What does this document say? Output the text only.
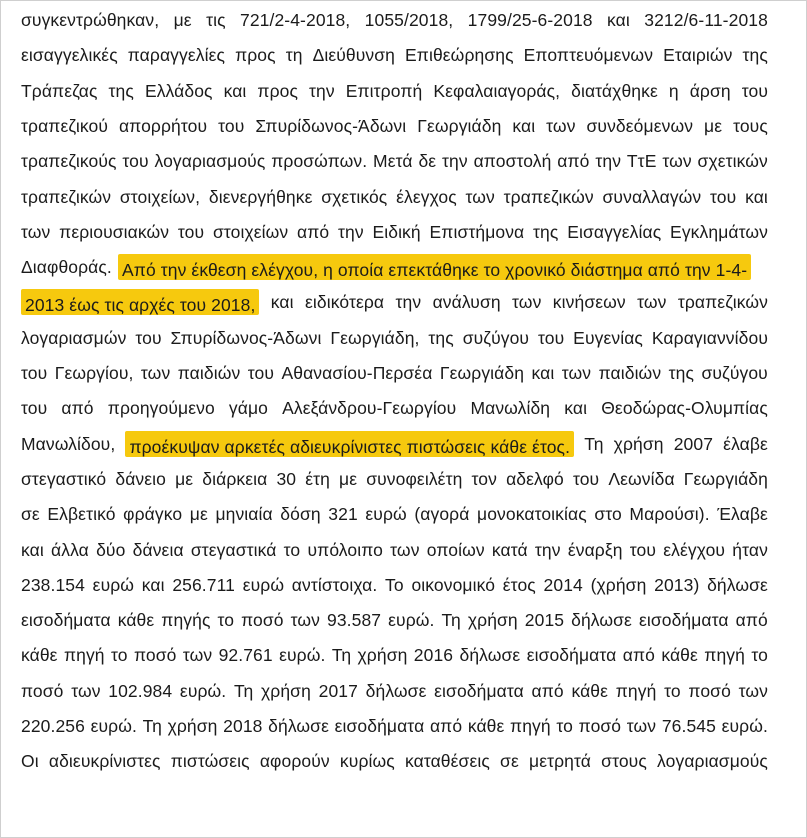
συγκεντρώθηκαν, με τις 721/2-4-2018, 1055/2018, 1799/25-6-2018 και 3212/6-11-2018
εισαγγελικές παραγγελίες προς τη Διεύθυνση Επιθεώρησης Εποπτευόμενων Εταιριών της
Τράπεζας της Ελλάδος και προς την Επιτροπή Κεφαλαιαγοράς, διατάχθηκε η άρση του
τραπεζικού απορρήτου του Σπυρίδωνος-Άδωνι Γεωργιάδη και των συνδεόμενων με τους
τραπεζικούς του λογαριασμούς προσώπων. Μετά δε την αποστολή από την ΤτΕ των σχετικών
τραπεζικών στοιχείων, διενεργήθηκε σχετικός έλεγχος των τραπεζικών συναλλαγών του και
των περιουσιακών του στοιχείων από την Ειδική Επιστήμονα της Εισαγγελίας Εγκλημάτων
Διαφθοράς. Από την έκθεση ελέγχου, η οποία επεκτάθηκε το χρονικό διάστημα από την 1-4-
2013 έως τις αρχές του 2018, και ειδικότερα την ανάλυση των κινήσεων των τραπεζικών
λογαριασμών του Σπυρίδωνος-Άδωνι Γεωργιάδη, της συζύγου του Ευγενίας Καραγιαννίδου
του Γεωργίου, των παιδιών του Αθανασίου-Περσέα Γεωργιάδη και των παιδιών της συζύγου
του από προηγούμενο γάμο Αλεξάνδρου-Γεωργίου Μανωλίδη και Θεοδώρας-Ολυμπίας
Μανωλίδου, προέκυψαν αρκετές αδιευκρίνιστες πιστώσεις κάθε έτος. Τη χρήση 2007 έλαβε
στεγαστικό δάνειο με διάρκεια 30 έτη με συνοφειλέτη τον αδελφό του Λεωνίδα Γεωργιάδη
σε Ελβετικό φράγκο με μηνιαία δόση 321 ευρώ (αγορά μονοκατοικίας στο Μαρούσι). Έλαβε
και άλλα δύο δάνεια στεγαστικά το υπόλοιπο των οποίων κατά την έναρξη του ελέγχου ήταν
238.154 ευρώ και 256.711 ευρώ αντίστοιχα. Το οικονομικό έτος 2014 (χρήση 2013) δήλωσε
εισοδήματα κάθε πηγής το ποσό των 93.587 ευρώ. Τη χρήση 2015 δήλωσε εισοδήματα από
κάθε πηγή το ποσό των 92.761 ευρώ. Τη χρήση 2016 δήλωσε εισοδήματα από κάθε πηγή το
ποσό των 102.984 ευρώ. Τη χρήση 2017 δήλωσε εισοδήματα από κάθε πηγή το ποσό των
220.256 ευρώ. Τη χρήση 2018 δήλωσε εισοδήματα από κάθε πηγή το ποσό των 76.545 ευρώ.
Οι αδιευκρίνιστες πιστώσεις αφορούν κυρίως καταθέσεις σε μετρητά στους λογαριασμούς
